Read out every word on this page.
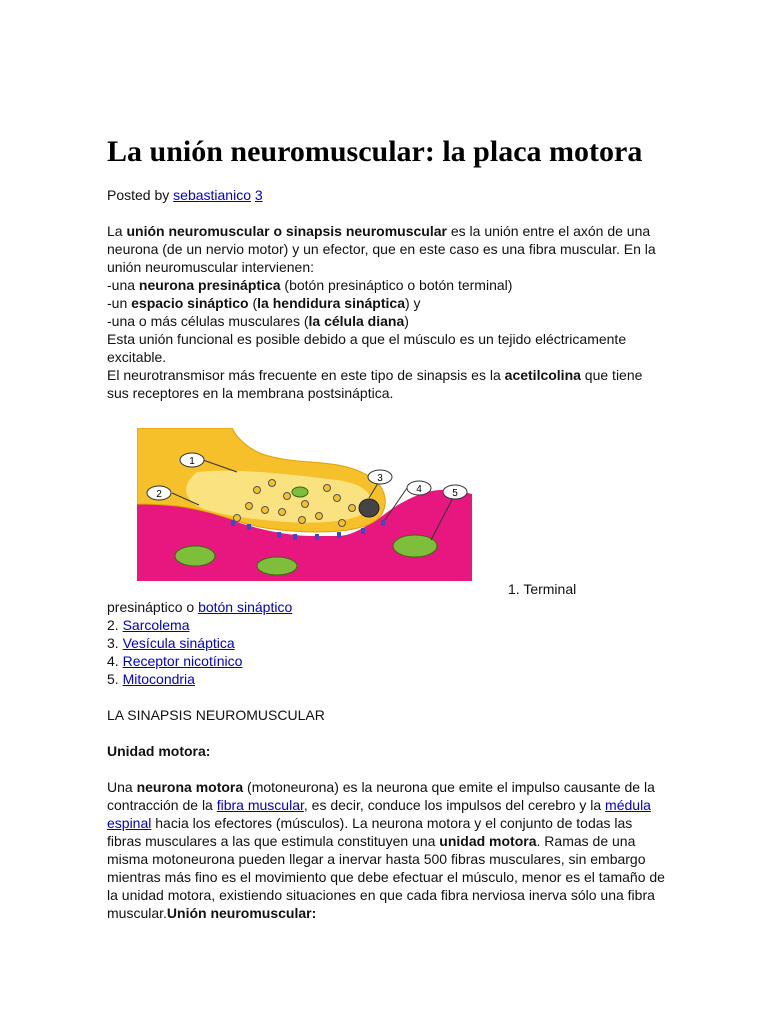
La unión neuromuscular: la placa motora

Posted by sebastianico 3

La unión neuromuscular o sinapsis neuromuscular es la unión entre el axón de una neurona (de un nervio motor) y un efector, que en este caso es una fibra muscular. En la unión neuromuscular intervienen:
-una neurona presináptica (botón presináptico o botón terminal)
-un espacio sináptico (la hendidura sináptica) y
-una o más células musculares (la célula diana)
Esta unión funcional es posible debido a que el músculo es un tejido eléctricamente excitable.
El neurotransmisor más frecuente en este tipo de sinapsis es la acetilcolina que tiene sus receptores en la membrana postsináptica.

1
2
3
4	5

1. Terminal

presináptico o botón sináptico
2. Sarcolema
3. Vesícula sináptica
4. Receptor nicotínico
5. Mitocondria

LA SINAPSIS NEUROMUSCULAR

Unidad motora:

Una neurona motora (motoneurona) es la neurona que emite el impulso causante de la contracción de la fibra muscular, es decir, conduce los impulsos del cerebro y la médula espinal hacia los efectores (músculos). La neurona motora y el conjunto de todas las fibras musculares a las que estimula constituyen una unidad motora. Ramas de una misma motoneurona pueden llegar a inervar hasta 500 fibras musculares, sin embargo mientras más fino es el movimiento que debe efectuar el músculo, menor es el tamaño de la unidad motora, existiendo situaciones en que cada fibra nerviosa inerva sólo una fibra muscular.Unión neuromuscular:
